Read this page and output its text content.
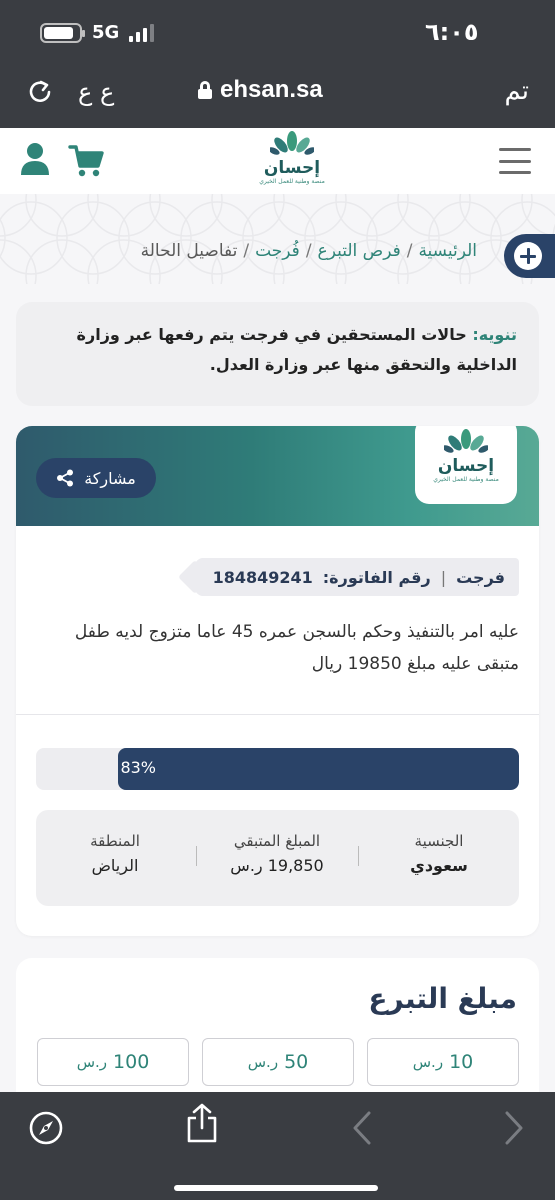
٦:٠٥
5G
تم
ehsan.sa
ع ع
إحسان
منصة وطنية للعمل الخيري
الرئيسية/فرص التبرع/فُرجت/تفاصيل الحالة
تنويه: حالات المستحقين في فرجت يتم رفعها عبر وزارة الداخلية والتحقق منها عبر وزارة العدل.
إحسان
منصة وطنية للعمل الخيري
مشاركة
فرجت
|
رقم الفاتورة:
184849241
عليه امر بالتنفيذ وحكم بالسجن عمره 45 عاما متزوج لديه طفل متبقى عليه مبلغ 19850 ريال
83%
الجنسية
سعودي
المبلغ المتبقي
19,850 ر.س
المنطقة
الرياض
مبلغ التبرع
10
ر.س
50
ر.س
100
ر.س
